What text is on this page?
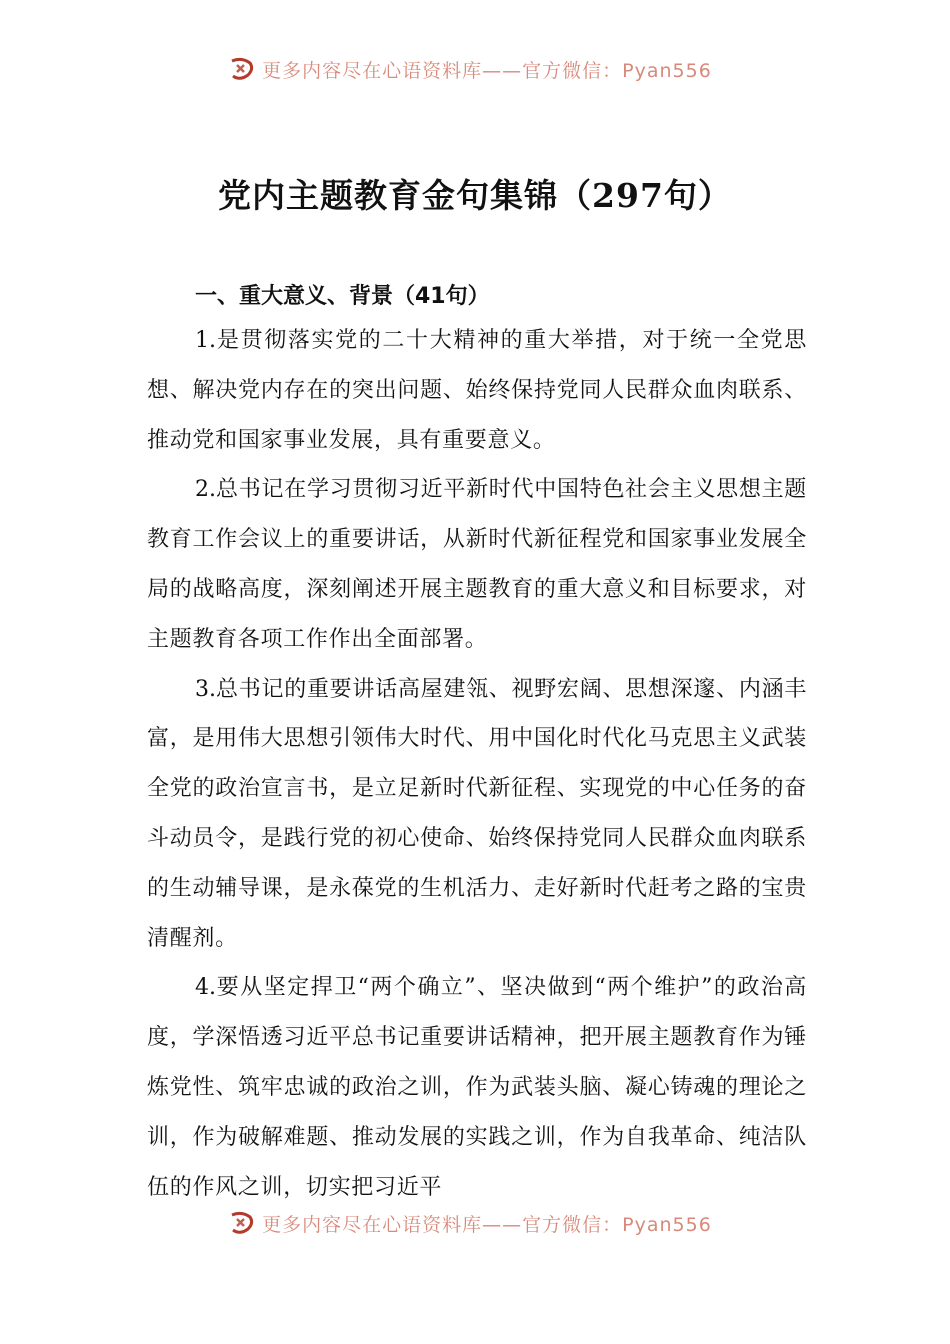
更多内容尽在心语资料库——官方微信：Pyan556
党内主题教育金句集锦（297句）
一、重大意义、背景（41句）

1.是贯彻落实党的二十大精神的重大举措，对于统一全党思想、解决党内存在的突出问题、始终保持党同人民群众血肉联系、推动党和国家事业发展，具有重要意义。

2.总书记在学习贯彻习近平新时代中国特色社会主义思想主题教育工作会议上的重要讲话，从新时代新征程党和国家事业发展全局的战略高度，深刻阐述开展主题教育的重大意义和目标要求，对主题教育各项工作作出全面部署。

3.总书记的重要讲话高屋建瓴、视野宏阔、思想深邃、内涵丰富，是用伟大思想引领伟大时代、用中国化时代化马克思主义武装全党的政治宣言书，是立足新时代新征程、实现党的中心任务的奋斗动员令，是践行党的初心使命、始终保持党同人民群众血肉联系的生动辅导课，是永葆党的生机活力、走好新时代赶考之路的宝贵清醒剂。

4.要从坚定捍卫“两个确立”、坚决做到“两个维护”的政治高度，学深悟透习近平总书记重要讲话精神，把开展主题教育作为锤炼党性、筑牢忠诚的政治之训，作为武装头脑、凝心铸魂的理论之训，作为破解难题、推动发展的实践之训，作为自我革命、纯洁队伍的作风之训，切实把习近平

更多内容尽在心语资料库——官方微信：Pyan556
